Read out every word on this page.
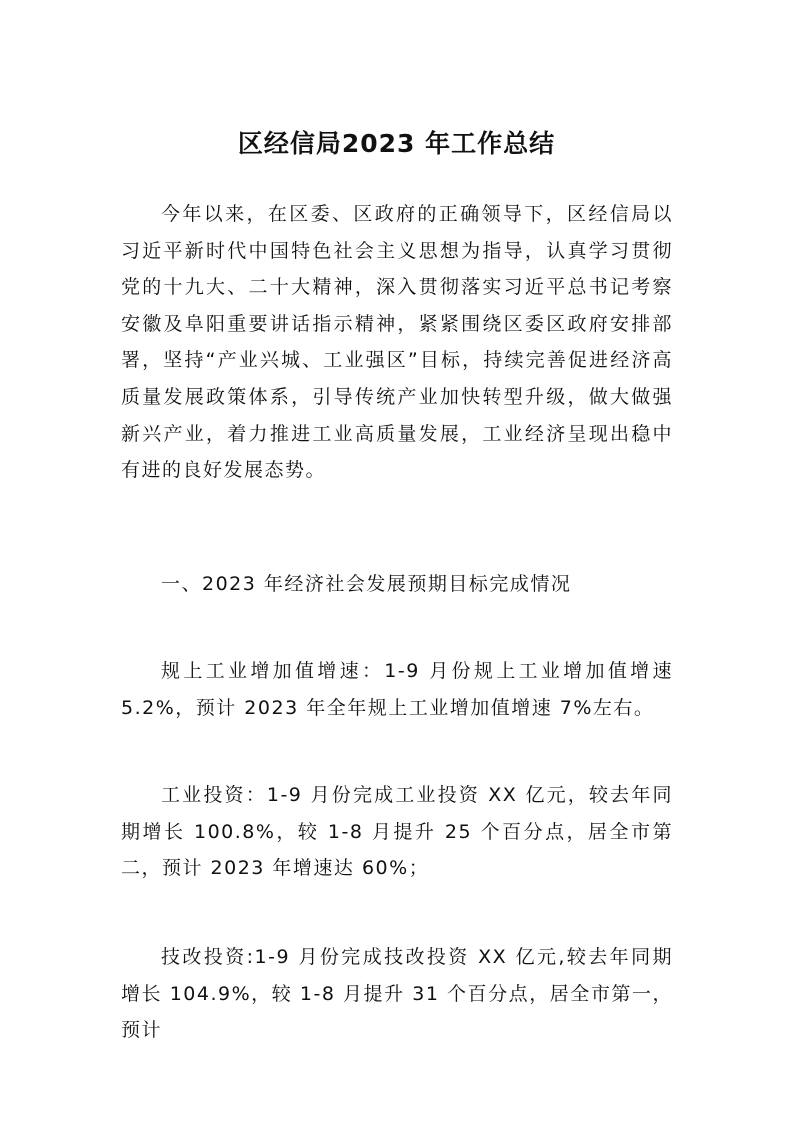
区经信局2023 年工作总结

今年以来，在区委、区政府的正确领导下，区经信局以习近平新时代中国特色社会主义思想为指导，认真学习贯彻党的十九大、二十大精神，深入贯彻落实习近平总书记考察安徽及阜阳重要讲话指示精神，紧紧围绕区委区政府安排部署，坚持“产业兴城、工业强区”目标，持续完善促进经济高质量发展政策体系，引导传统产业加快转型升级，做大做强新兴产业，着力推进工业高质量发展，工业经济呈现出稳中有进的良好发展态势。

一、2023 年经济社会发展预期目标完成情况

规上工业增加值增速：1-9 月份规上工业增加值增速5.2%，预计 2023 年全年规上工业增加值增速 7%左右。

工业投资：1-9 月份完成工业投资 XX 亿元，较去年同期增长 100.8%，较 1-8 月提升 25 个百分点，居全市第二，预计 2023 年增速达 60%；

技改投资:1-9 月份完成技改投资 XX 亿元,较去年同期增长 104.9%，较 1-8 月提升 31 个百分点，居全市第一，预计
